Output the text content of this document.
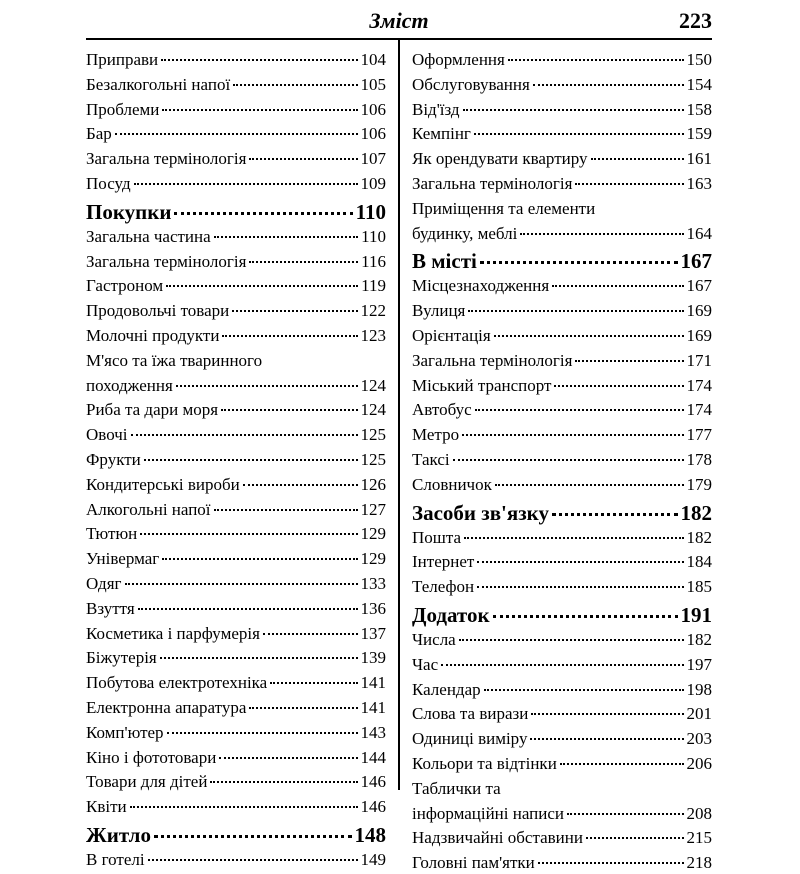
Зміст	223
Приправи	104
Безалкогольні напої	105
Проблеми	106
Бар	106
Загальна термінологія	107
Посуд	109
Покупки	110
Загальна частина	110
Загальна термінологія	116
Гастроном	119
Продовольчі товари	122
Молочні продукти	123
М'ясо та їжа тваринного
походження	124
Риба та дари моря	124
Овочі	125
Фрукти	125
Кондитерські вироби	126
Алкогольні напої	127
Тютюн	129
Універмаг	129
Одяг	133
Взуття	136
Косметика і парфумерія	137
Біжутерія	139
Побутова електротехніка	141
Електронна апаратура	141
Комп'ютер	143
Кіно і фототовари	144
Товари для дітей	146
Квіти	146
Житло	148
В готелі	149
Оформлення	150
Обслуговування	154
Від'їзд	158
Кемпінг	159
Як орендувати квартиру	161
Загальна термінологія	163
Приміщення та елементи
будинку, меблі	164
В місті	167
Місцезнаходження	167
Вулиця	169
Орієнтація	169
Загальна термінологія	171
Міський транспорт	174
Автобус	174
Метро	177
Таксі	178
Словничок	179
Засоби зв'язку	182
Пошта	182
Інтернет	184
Телефон	185
Додаток	191
Числа	182
Час	197
Календар	198
Слова та вирази	201
Одиниці виміру	203
Кольори та відтінки	206
Таблички та
інформаційні написи	208
Надзвичайні обставини	215
Головні пам'ятки	218
